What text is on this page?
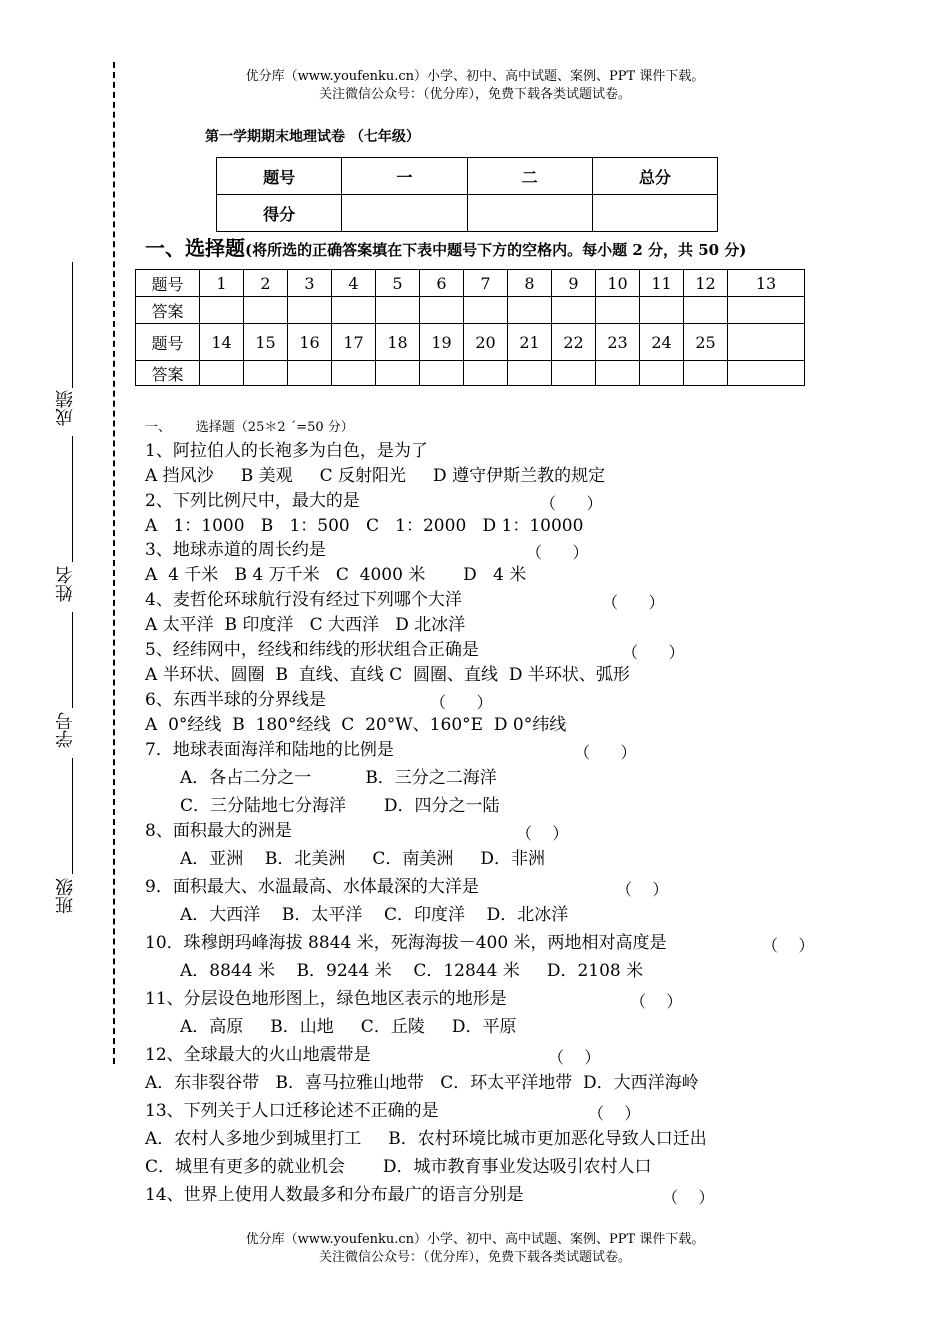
优分库（www.youfenku.cn）小学、初中、高中试题、案例、PPT 课件下载。
关注微信公众号：（优分库），免费下载各类试题试卷。
成绩
姓名
学号
班级
第一学期期末地理试卷 （七年级）
题号	一	二	总分
得分			
一、选择题(将所选的正确答案填在下表中题号下方的空格内。每小题 2 分，共 50 分)
题号	1	2	3	4	5	6	7	8	9	10	11	12	13
答案													
题号	14	15	16	17	18	19	20	21	22	23	24	25	
答案													
一、      选择题（25＊2 ˊ=50 分）
1、阿拉伯人的长袍多为白色，是为了
A 挡风沙     B 美观     C 反射阳光     D 遵守伊斯兰教的规定
2、下列比例尺中，最大的是	（      ）
A   1：1000   B   1：500   C   1：2000   D 1：10000
3、地球赤道的周长约是	（      ）
A  4 千米   B 4 万千米   C  4000 米       D   4 米
4、麦哲伦环球航行没有经过下列哪个大洋	（      ）
A 太平洋  B 印度洋   C 大西洋   D 北冰洋
5、经纬网中，经线和纬线的形状组合正确是	（      ）
A 半环状、圆圈  B  直线、直线 C  圆圈、直线  D 半环状、弧形
6、东西半球的分界线是	（      ）
A  0°经线  B  180°经线  C  20°W、160°E  D 0°纬线
7．地球表面海洋和陆地的比例是	（      ）
A．各占二分之一          B．三分之二海洋
C．三分陆地七分海洋       D．四分之一陆
8、面积最大的洲是	（    ）
A．亚洲    B．北美洲     C．南美洲     D．非洲
9．面积最大、水温最高、水体最深的大洋是	（    ）
A．大西洋    B．太平洋    C．印度洋    D．北冰洋
10．珠穆朗玛峰海拔 8844 米，死海海拔－400 米，两地相对高度是	（    ）
A．8844 米    B．9244 米    C．12844 米     D．2108 米
11、分层设色地形图上，绿色地区表示的地形是	（    ）
A．高原     B．山地     C．丘陵     D．平原
12、全球最大的火山地震带是	（    ）
A．东非裂谷带   B．喜马拉雅山地带   C．环太平洋地带  D．大西洋海岭
13、下列关于人口迁移论述不正确的是	（    ）
A．农村人多地少到城里打工     B．农村环境比城市更加恶化导致人口迁出
C．城里有更多的就业机会       D．城市教育事业发达吸引农村人口
14、世界上使用人数最多和分布最广的语言分别是	（    ）
优分库（www.youfenku.cn）小学、初中、高中试题、案例、PPT 课件下载。
关注微信公众号：（优分库），免费下载各类试题试卷。
